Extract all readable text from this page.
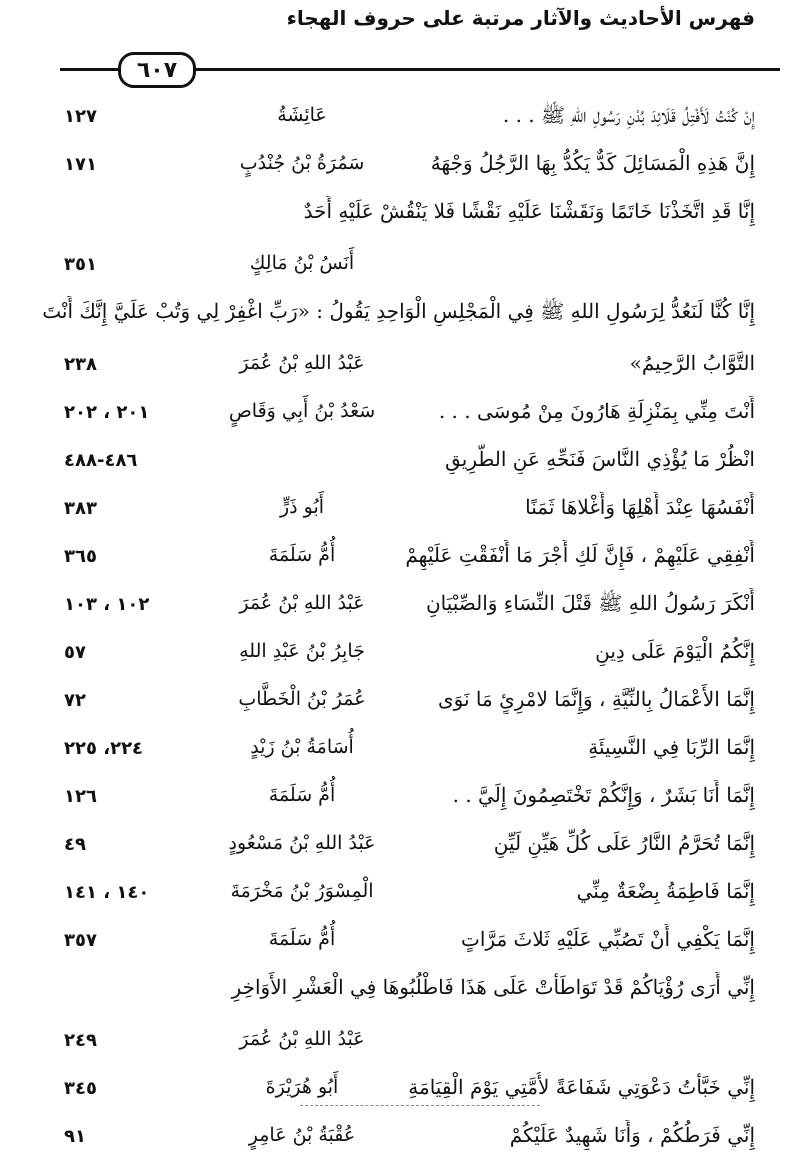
فهرس الأحاديث والآثار مرتبة على حروف الهجاء
٦٠٧
إِنْ كُنْتُ لَأَفْتِلُ قَلَائِدَ بُدْنِ رَسُولِ اللهِ ﷺ . . .
عَائِشَةُ
١٢٧
إِنَّ هَذِهِ الْمَسَائِلَ كَدٌّ يَكُدُّ بِهَا الرَّجُلُ وَجْهَهُ
سَمُرَةُ بْنُ جُنْدُبٍ
١٧١
إِنَّا قَدِ اتَّخَذْنَا خَاتَمًا وَنَقَشْنَا عَلَيْهِ نَقْشًا فَلا يَنْقُشْ عَلَيْهِ أَحَدٌ
أَنَسُ بْنُ مَالِكٍ
٣٥١
إِنَّا كُنَّا لَنَعُدُّ لِرَسُولِ اللهِ ﷺ فِي الْمَجْلِسِ الْوَاحِدِ يَقُولُ : «رَبِّ اغْفِرْ لِي وَتُبْ عَلَيَّ إِنَّكَ أَنْتَ
التَّوَّابُ الرَّحِيمُ»
عَبْدُ اللهِ بْنُ عُمَرَ
٢٣٨
أَنْتَ مِنِّي بِمَنْزِلَةِ هَارُونَ مِنْ مُوسَى . . .
سَعْدُ بْنُ أَبِي وَقَاصٍ
٢٠١ ، ٢٠٢
انْظُرْ مَا يُؤْذِي النَّاسَ فَنَحِّهِ عَنِ الطَّرِيقِ
٤٨٦-٤٨٨
أَنْفَسُهَا عِنْدَ أَهْلِهَا وَأَغْلاهَا ثَمَنًا
أَبُو ذَرٍّ
٣٨٣
أَنْفِقِي عَلَيْهِمْ ، فَإِنَّ لَكِ أَجْرَ مَا أَنْفَقْتِ عَلَيْهِمْ
أُمُّ سَلَمَةَ
٣٦٥
أَنْكَرَ رَسُولُ اللهِ ﷺ قَتْلَ النِّسَاءِ وَالصِّبْيَانِ
عَبْدُ اللهِ بْنُ عُمَرَ
١٠٢ ، ١٠٣
إِنَّكُمُ الْيَوْمَ عَلَى دِينٍ
جَابِرُ بْنُ عَبْدِ اللهِ
٥٧
إِنَّمَا الأَعْمَالُ بِالنِّيَّةِ ، وَإِنَّمَا لامْرِئٍ مَا نَوَى
عُمَرُ بْنُ الْخَطَّابِ
٧٢
إِنَّمَا الرِّبَا فِي النَّسِيئَةِ
أُسَامَةُ بْنُ زَيْدٍ
٢٢٤، ٢٢٥
إِنَّمَا أَنَا بَشَرٌ ، وَإِنَّكُمْ تَخْتَصِمُونَ إِلَيَّ . .
أُمُّ سَلَمَةَ
١٢٦
إِنَّمَا تُحَرَّمُ النَّارُ عَلَى كُلِّ هَيِّنٍ لَيِّنٍ
عَبْدُ اللهِ بْنُ مَسْعُودٍ
٤٩
إِنَّمَا فَاطِمَةُ بِضْعَةٌ مِنِّي
الْمِسْوَرُ بْنُ مَخْرَمَةَ
١٤٠ ، ١٤١
إِنَّمَا يَكْفِي أَنْ تَصُبِّي عَلَيْهِ ثَلاثَ مَرَّاتٍ
أُمُّ سَلَمَةَ
٣٥٧
إِنِّي أَرَى رُؤْيَاكُمْ قَدْ تَوَاطَأَتْ عَلَى هَذَا فَاطْلُبُوهَا فِي الْعَشْرِ الأَوَاخِرِ
عَبْدُ اللهِ بْنُ عُمَرَ
٢٤٩
إِنِّي خَبَّأْتُ دَعْوَتِي شَفَاعَةً لأُمَّتِي يَوْمَ الْقِيَامَةِ
أَبُو هُرَيْرَةَ
٣٤٥
إِنِّي فَرَطُكُمْ ، وَأَنَا شَهِيدٌ عَلَيْكُمْ
عُقْبَةُ بْنُ عَامِرٍ
٩١
